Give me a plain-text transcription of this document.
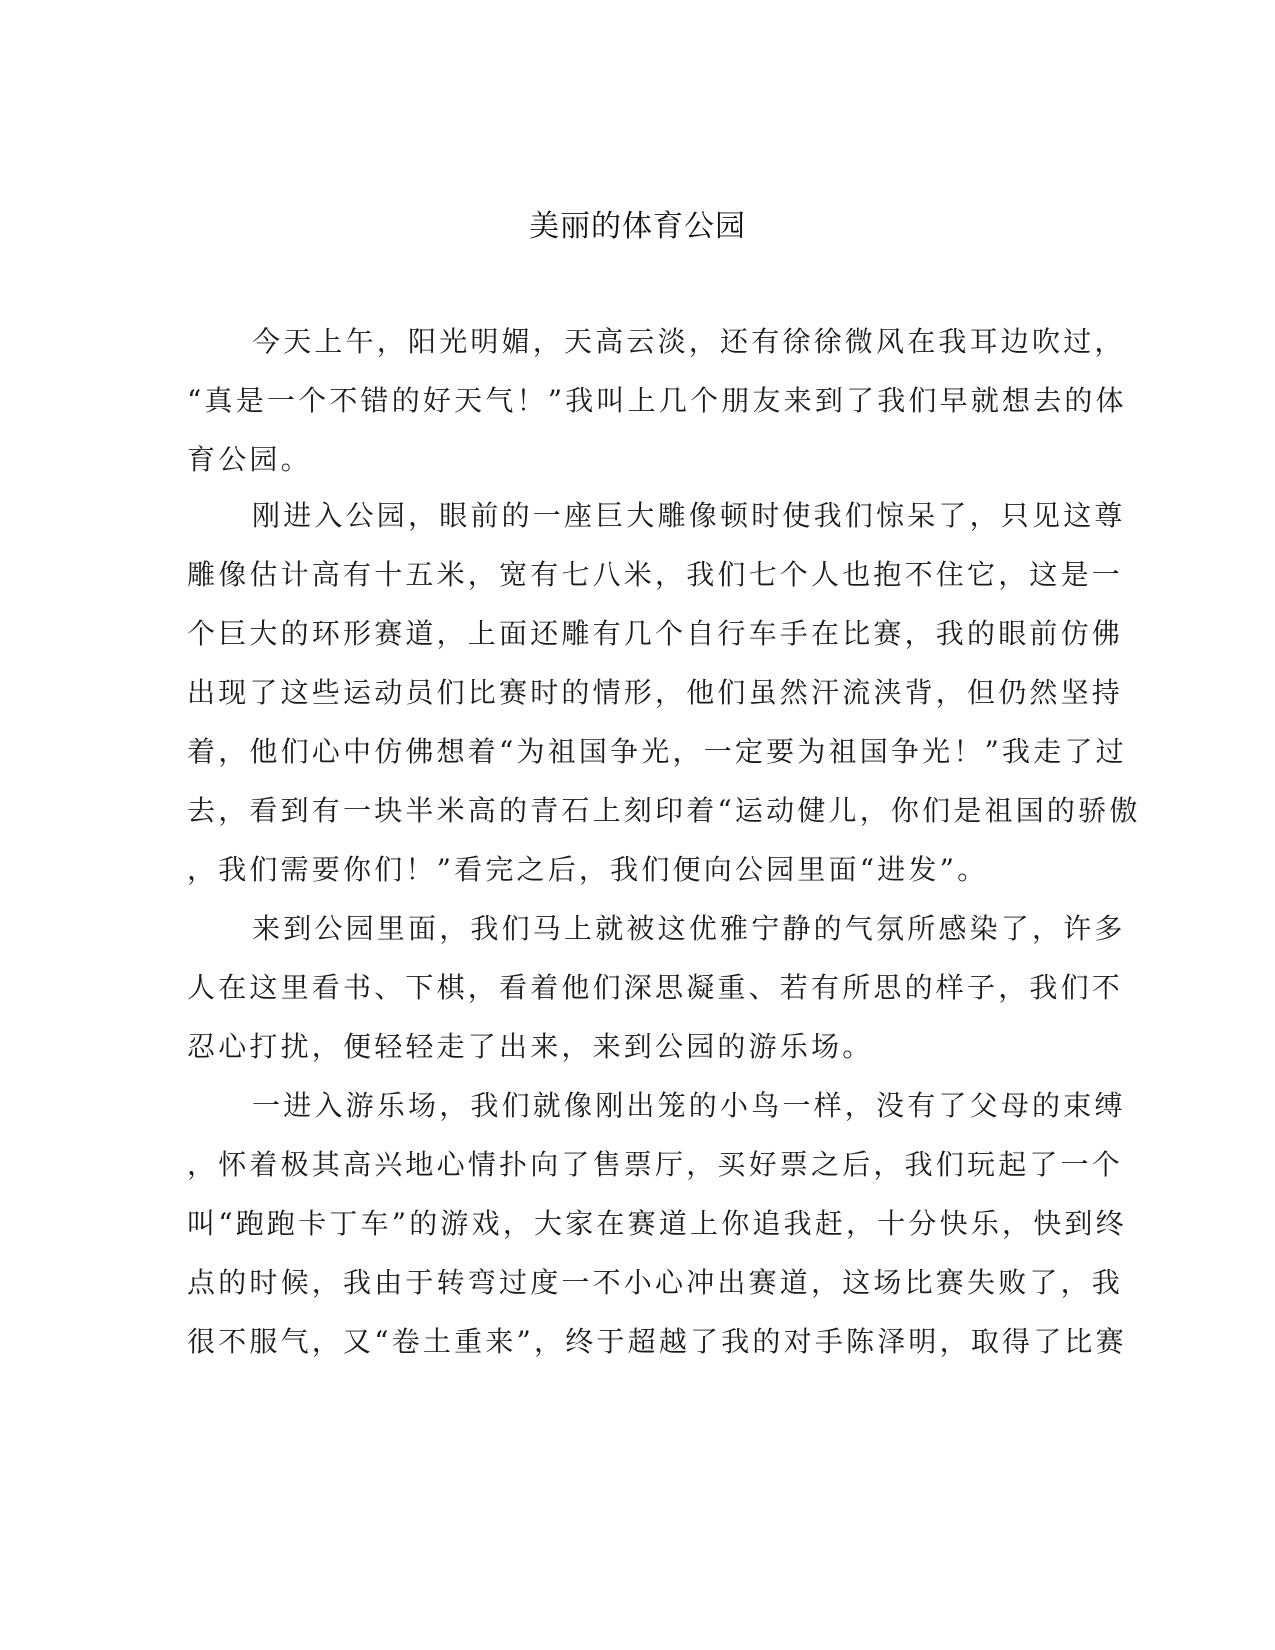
美丽的体育公园
今天上午，阳光明媚，天高云淡，还有徐徐微风在我耳边吹过，
“真是一个不错的好天气！”我叫上几个朋友来到了我们早就想去的体
育公园。
刚进入公园，眼前的一座巨大雕像顿时使我们惊呆了，只见这尊
雕像估计高有十五米，宽有七八米，我们七个人也抱不住它，这是一
个巨大的环形赛道，上面还雕有几个自行车手在比赛，我的眼前仿佛
出现了这些运动员们比赛时的情形，他们虽然汗流浃背，但仍然坚持
着，他们心中仿佛想着“为祖国争光，一定要为祖国争光！”我走了过
去，看到有一块半米高的青石上刻印着“运动健儿，你们是祖国的骄傲
，我们需要你们！”看完之后，我们便向公园里面“进发”。
来到公园里面，我们马上就被这优雅宁静的气氛所感染了，许多
人在这里看书、下棋，看着他们深思凝重、若有所思的样子，我们不
忍心打扰，便轻轻走了出来，来到公园的游乐场。
一进入游乐场，我们就像刚出笼的小鸟一样，没有了父母的束缚
，怀着极其高兴地心情扑向了售票厅，买好票之后，我们玩起了一个
叫“跑跑卡丁车”的游戏，大家在赛道上你追我赶，十分快乐，快到终
点的时候，我由于转弯过度一不小心冲出赛道，这场比赛失败了，我
很不服气，又“卷土重来”，终于超越了我的对手陈泽明，取得了比赛
